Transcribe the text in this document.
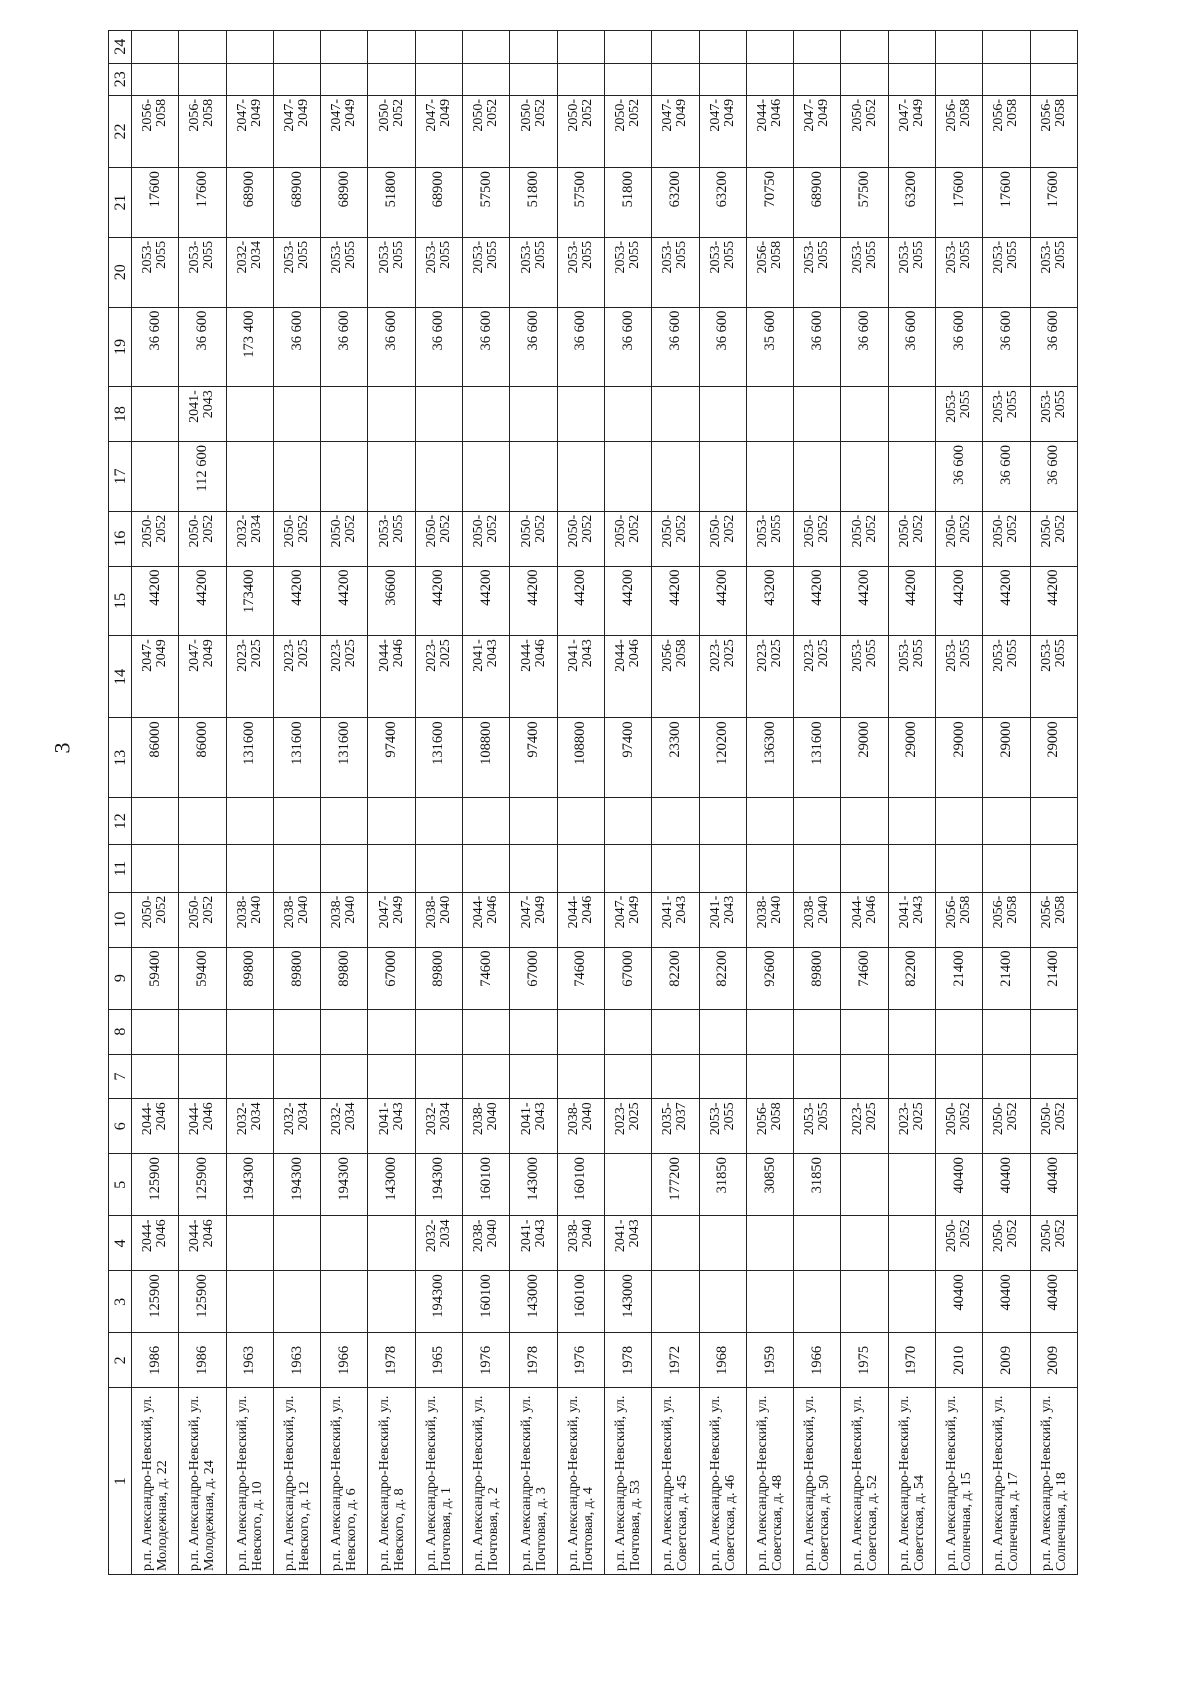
3
1	2	3	4	5	6	7	8	9	10	11	12	13	14	15	16	17	18	19	20	21	22	23	24
р.п. Александро-Невский, ул. Молодежная, д. 22	1986	125900	2044- 2046	125900	2044- 2046			59400	2050- 2052			86000	2047- 2049	44200	2050- 2052			36 600	2053- 2055	17600	2056- 2058		

р.п. Александро-Невский, ул. Молодежная, д. 24	1986	125900	2044- 2046	125900	2044- 2046			59400	2050- 2052			86000	2047- 2049	44200	2050- 2052	112 600	2041- 2043	36 600	2053- 2055	17600	2056- 2058		

р.п. Александро-Невский, ул. Невского, д. 10	1963			194300	2032- 2034			89800	2038- 2040			131600	2023- 2025	173400	2032- 2034			173 400	2032- 2034	68900	2047- 2049		

р.п. Александро-Невский, ул. Невского, д. 12	1963			194300	2032- 2034			89800	2038- 2040			131600	2023- 2025	44200	2050- 2052			36 600	2053- 2055	68900	2047- 2049		

р.п. Александро-Невский, ул. Невского, д. 6	1966			194300	2032- 2034			89800	2038- 2040			131600	2023- 2025	44200	2050- 2052			36 600	2053- 2055	68900	2047- 2049		

р.п. Александро-Невский, ул. Невского, д. 8	1978			143000	2041- 2043			67000	2047- 2049			97400	2044- 2046	36600	2053- 2055			36 600	2053- 2055	51800	2050- 2052		

р.п. Александро-Невский, ул. Почтовая, д. 1	1965	194300	2032- 2034	194300	2032- 2034			89800	2038- 2040			131600	2023- 2025	44200	2050- 2052			36 600	2053- 2055	68900	2047- 2049		

р.п. Александро-Невский, ул. Почтовая, д. 2	1976	160100	2038- 2040	160100	2038- 2040			74600	2044- 2046			108800	2041- 2043	44200	2050- 2052			36 600	2053- 2055	57500	2050- 2052		

р.п. Александро-Невский, ул. Почтовая, д. 3	1978	143000	2041- 2043	143000	2041- 2043			67000	2047- 2049			97400	2044- 2046	44200	2050- 2052			36 600	2053- 2055	51800	2050- 2052		

р.п. Александро-Невский, ул. Почтовая, д. 4	1976	160100	2038- 2040	160100	2038- 2040			74600	2044- 2046			108800	2041- 2043	44200	2050- 2052			36 600	2053- 2055	57500	2050- 2052		

р.п. Александро-Невский, ул. Почтовая, д. 53	1978	143000	2041- 2043		2023- 2025			67000	2047- 2049			97400	2044- 2046	44200	2050- 2052			36 600	2053- 2055	51800	2050- 2052		

р.п. Александро-Невский, ул. Советская, д. 45	1972			177200	2035- 2037			82200	2041- 2043			23300	2056- 2058	44200	2050- 2052			36 600	2053- 2055	63200	2047- 2049		

р.п. Александро-Невский, ул. Советская, д. 46	1968			31850	2053- 2055			82200	2041- 2043			120200	2023- 2025	44200	2050- 2052			36 600	2053- 2055	63200	2047- 2049		

р.п. Александро-Невский, ул. Советская, д. 48	1959			30850	2056- 2058			92600	2038- 2040			136300	2023- 2025	43200	2053- 2055			35 600	2056- 2058	70750	2044- 2046		

р.п. Александро-Невский, ул. Советская, д. 50	1966			31850	2053- 2055			89800	2038- 2040			131600	2023- 2025	44200	2050- 2052			36 600	2053- 2055	68900	2047- 2049		

р.п. Александро-Невский, ул. Советская, д. 52	1975				2023- 2025			74600	2044- 2046			29000	2053- 2055	44200	2050- 2052			36 600	2053- 2055	57500	2050- 2052		

р.п. Александро-Невский, ул. Советская, д. 54	1970				2023- 2025			82200	2041- 2043			29000	2053- 2055	44200	2050- 2052			36 600	2053- 2055	63200	2047- 2049		

р.п. Александро-Невский, ул. Солнечная, д. 15	2010	40400	2050- 2052	40400	2050- 2052			21400	2056- 2058			29000	2053- 2055	44200	2050- 2052	36 600	2053- 2055	36 600	2053- 2055	17600	2056- 2058		

р.п. Александро-Невский, ул. Солнечная, д. 17	2009	40400	2050- 2052	40400	2050- 2052			21400	2056- 2058			29000	2053- 2055	44200	2050- 2052	36 600	2053- 2055	36 600	2053- 2055	17600	2056- 2058		

р.п. Александро-Невский, ул. Солнечная, д. 18	2009	40400	2050- 2052	40400	2050- 2052			21400	2056- 2058			29000	2053- 2055	44200	2050- 2052	36 600	2053- 2055	36 600	2053- 2055	17600	2056- 2058		
